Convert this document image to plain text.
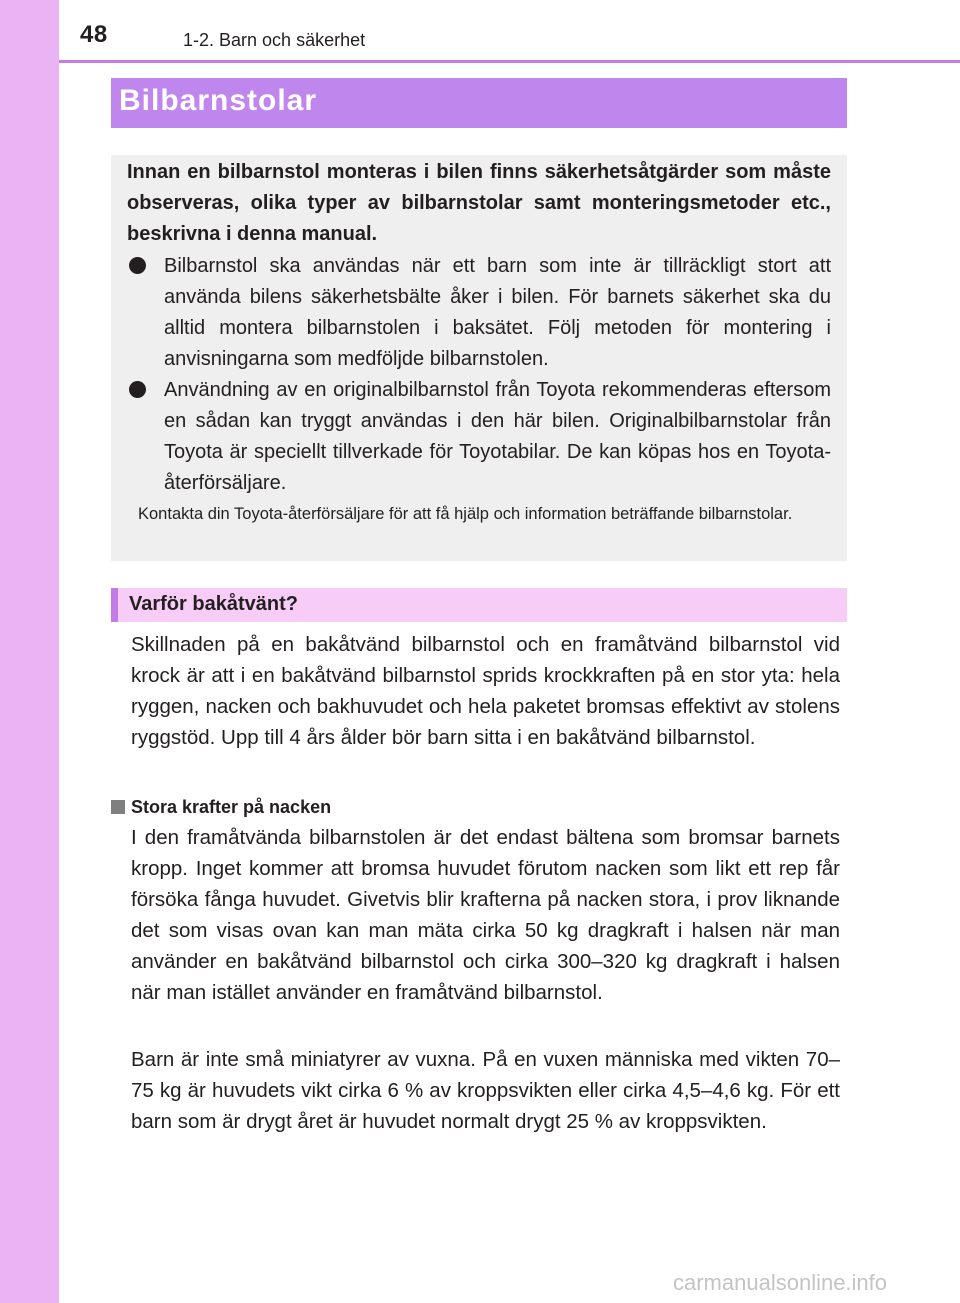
48	1-2. Barn och säkerhet
Bilbarnstolar
Innan en bilbarnstol monteras i bilen finns säkerhetsåtgärder som måste observeras, olika typer av bilbarnstolar samt monteringsmetoder etc., beskrivna i denna manual.
Bilbarnstol ska användas när ett barn som inte är tillräckligt stort att använda bilens säkerhetsbälte åker i bilen. För barnets säkerhet ska du alltid montera bilbarnstolen i baksätet. Följ metoden för montering i anvisningarna som medföljde bilbarnstolen.
Användning av en originalbilbarnstol från Toyota rekommenderas eftersom en sådan kan tryggt användas i den här bilen. Originalbilbarnstolar från Toyota är speciellt tillverkade för Toyotabilar. De kan köpas hos en Toyota-återförsäljare.
Kontakta din Toyota-återförsäljare för att få hjälp och information beträffande bilbarnstolar.
Varför bakåtvänt?
Skillnaden på en bakåtvänd bilbarnstol och en framåtvänd bilbarnstol vid krock är att i en bakåtvänd bilbarnstol sprids krockkraften på en stor yta: hela ryggen, nacken och bakhuvudet och hela paketet bromsas effektivt av stolens ryggstöd. Upp till 4 års ålder bör barn sitta i en bakåtvänd bilbarnstol.
Stora krafter på nacken
I den framåtvända bilbarnstolen är det endast bältena som bromsar barnets kropp. Inget kommer att bromsa huvudet förutom nacken som likt ett rep får försöka fånga huvudet. Givetvis blir krafterna på nacken stora, i prov liknande det som visas ovan kan man mäta cirka 50 kg dragkraft i halsen när man använder en bakåtvänd bilbarnstol och cirka 300–320 kg dragkraft i halsen när man istället använder en framåtvänd bilbarnstol.
Barn är inte små miniatyrer av vuxna. På en vuxen människa med vikten 70–75 kg är huvudets vikt cirka 6 % av kroppsvikten eller cirka 4,5–4,6 kg. För ett barn som är drygt året är huvudet normalt drygt 25 % av kroppsvikten.
carmanualsonline.info
